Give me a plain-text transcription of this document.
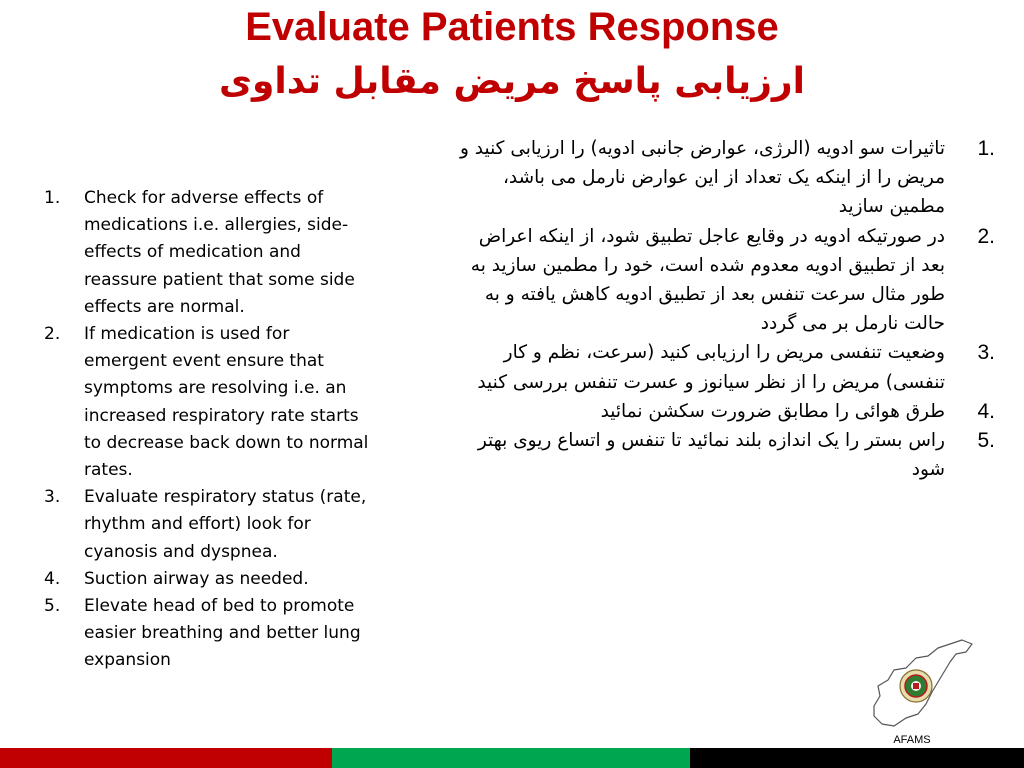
Evaluate Patients Response
ارزیابی پاسخ مریض مقابل تداوی
1. Check for adverse effects of medications i.e. allergies, side-effects of medication and reassure patient that some side effects are normal.
2. If medication is used for emergent event ensure that symptoms are resolving i.e. an increased respiratory rate starts to decrease back down to normal rates.
3. Evaluate respiratory status (rate, rhythm and effort) look for cyanosis and dyspnea.
4. Suction airway as needed.
5. Elevate head of bed to promote easier breathing and better lung expansion
1.
تاثیرات سو ادویه (الرژی، عوارض جانبی ادویه) را ارزیابی کنید و مریض را از اینکه یک تعداد از این عوارض نارمل می باشد، مطمین سازید
2.
در صورتیکه ادویه در وقایع عاجل تطبیق شود، از اینکه اعراض بعد از تطبیق ادویه معدوم شده است، خود را مطمین سازید به طور مثال سرعت تنفس بعد از تطبیق ادویه کاهش یافته و به حالت نارمل بر می گردد
3.
وضعیت تنفسی مریض را ارزیابی کنید (سرعت، نظم و کار تنفسی) مریض را از نظر سیانوز و عسرت تنفس بررسی کنید
4.
طرق هوائی را مطابق ضرورت سکشن نمائید
5.
راس بستر را یک اندازه بلند نمائید تا تنفس و اتساع ریوی بهتر شود
AFAMS
